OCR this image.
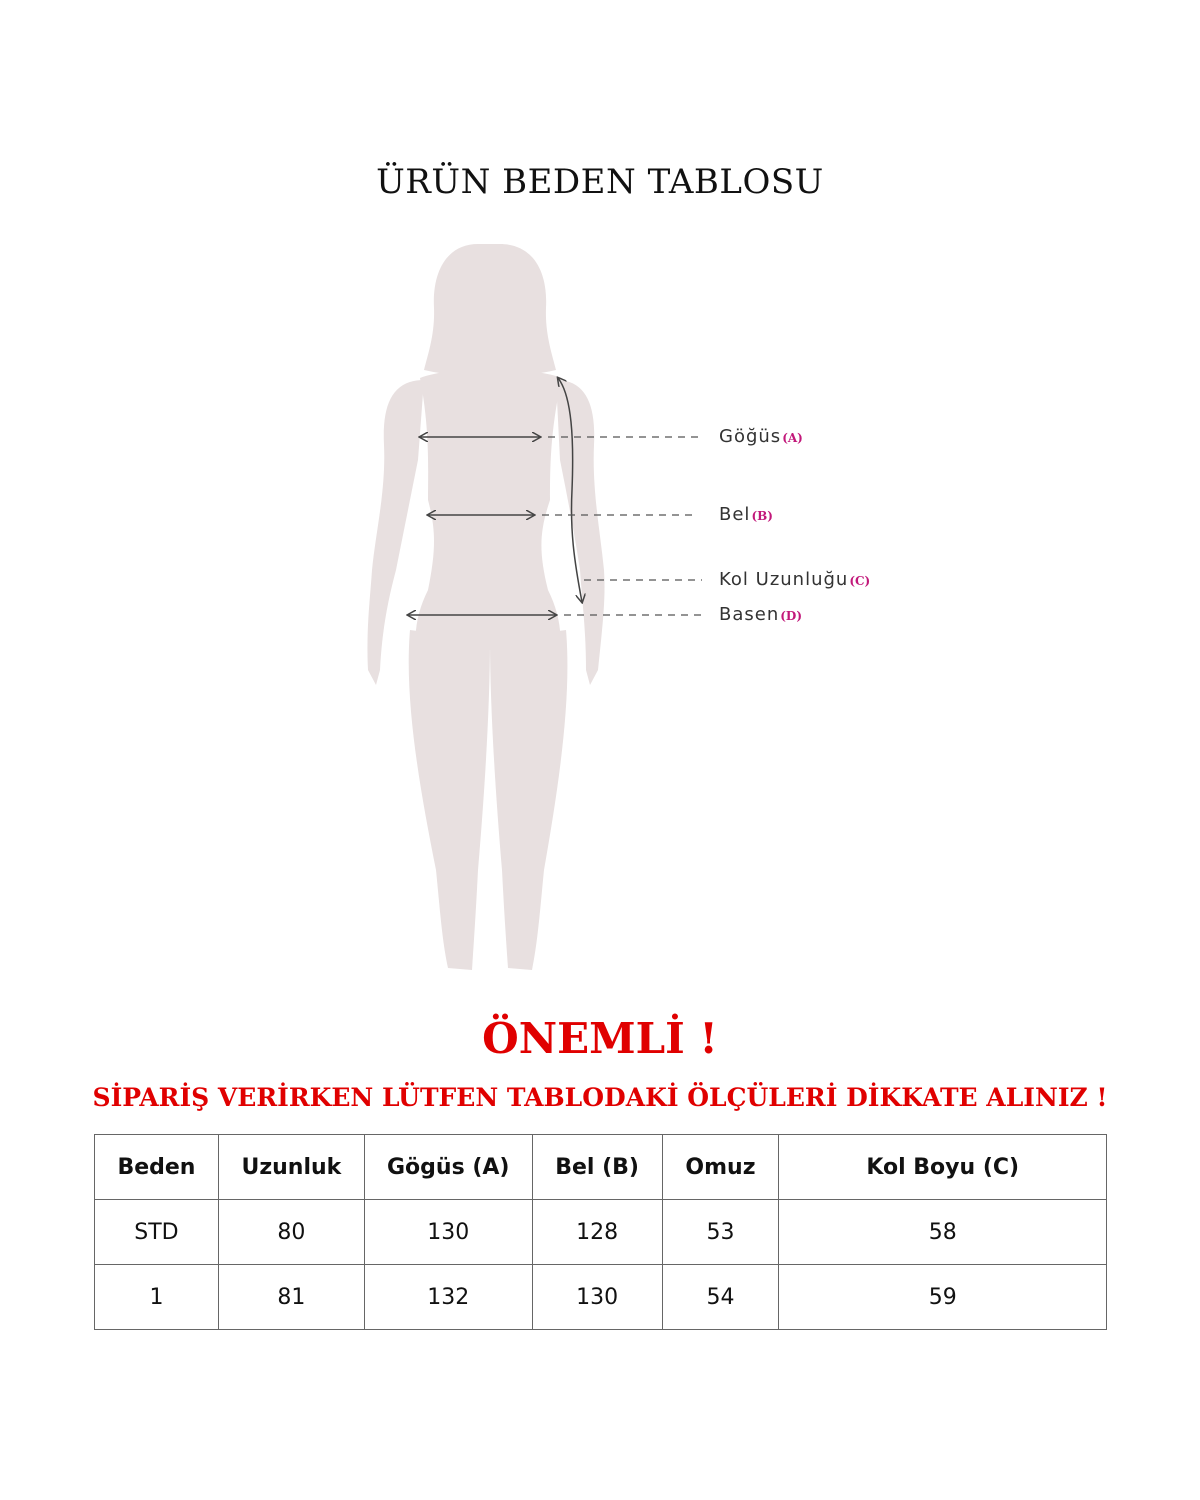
ÜRÜN BEDEN TABLOSU
Göğüs(A)
Bel(B)
Kol Uzunluğu(C)
Basen(D)
ÖNEMLİ !
SİPARİŞ VERİRKEN LÜTFEN TABLODAKİ ÖLÇÜLERİ DİKKATE ALINIZ !
Beden	Uzunluk	Gögüs (A)	Bel (B)	Omuz	Kol Boyu (C)
STD	80	130	128	53	58
1	81	132	130	54	59
